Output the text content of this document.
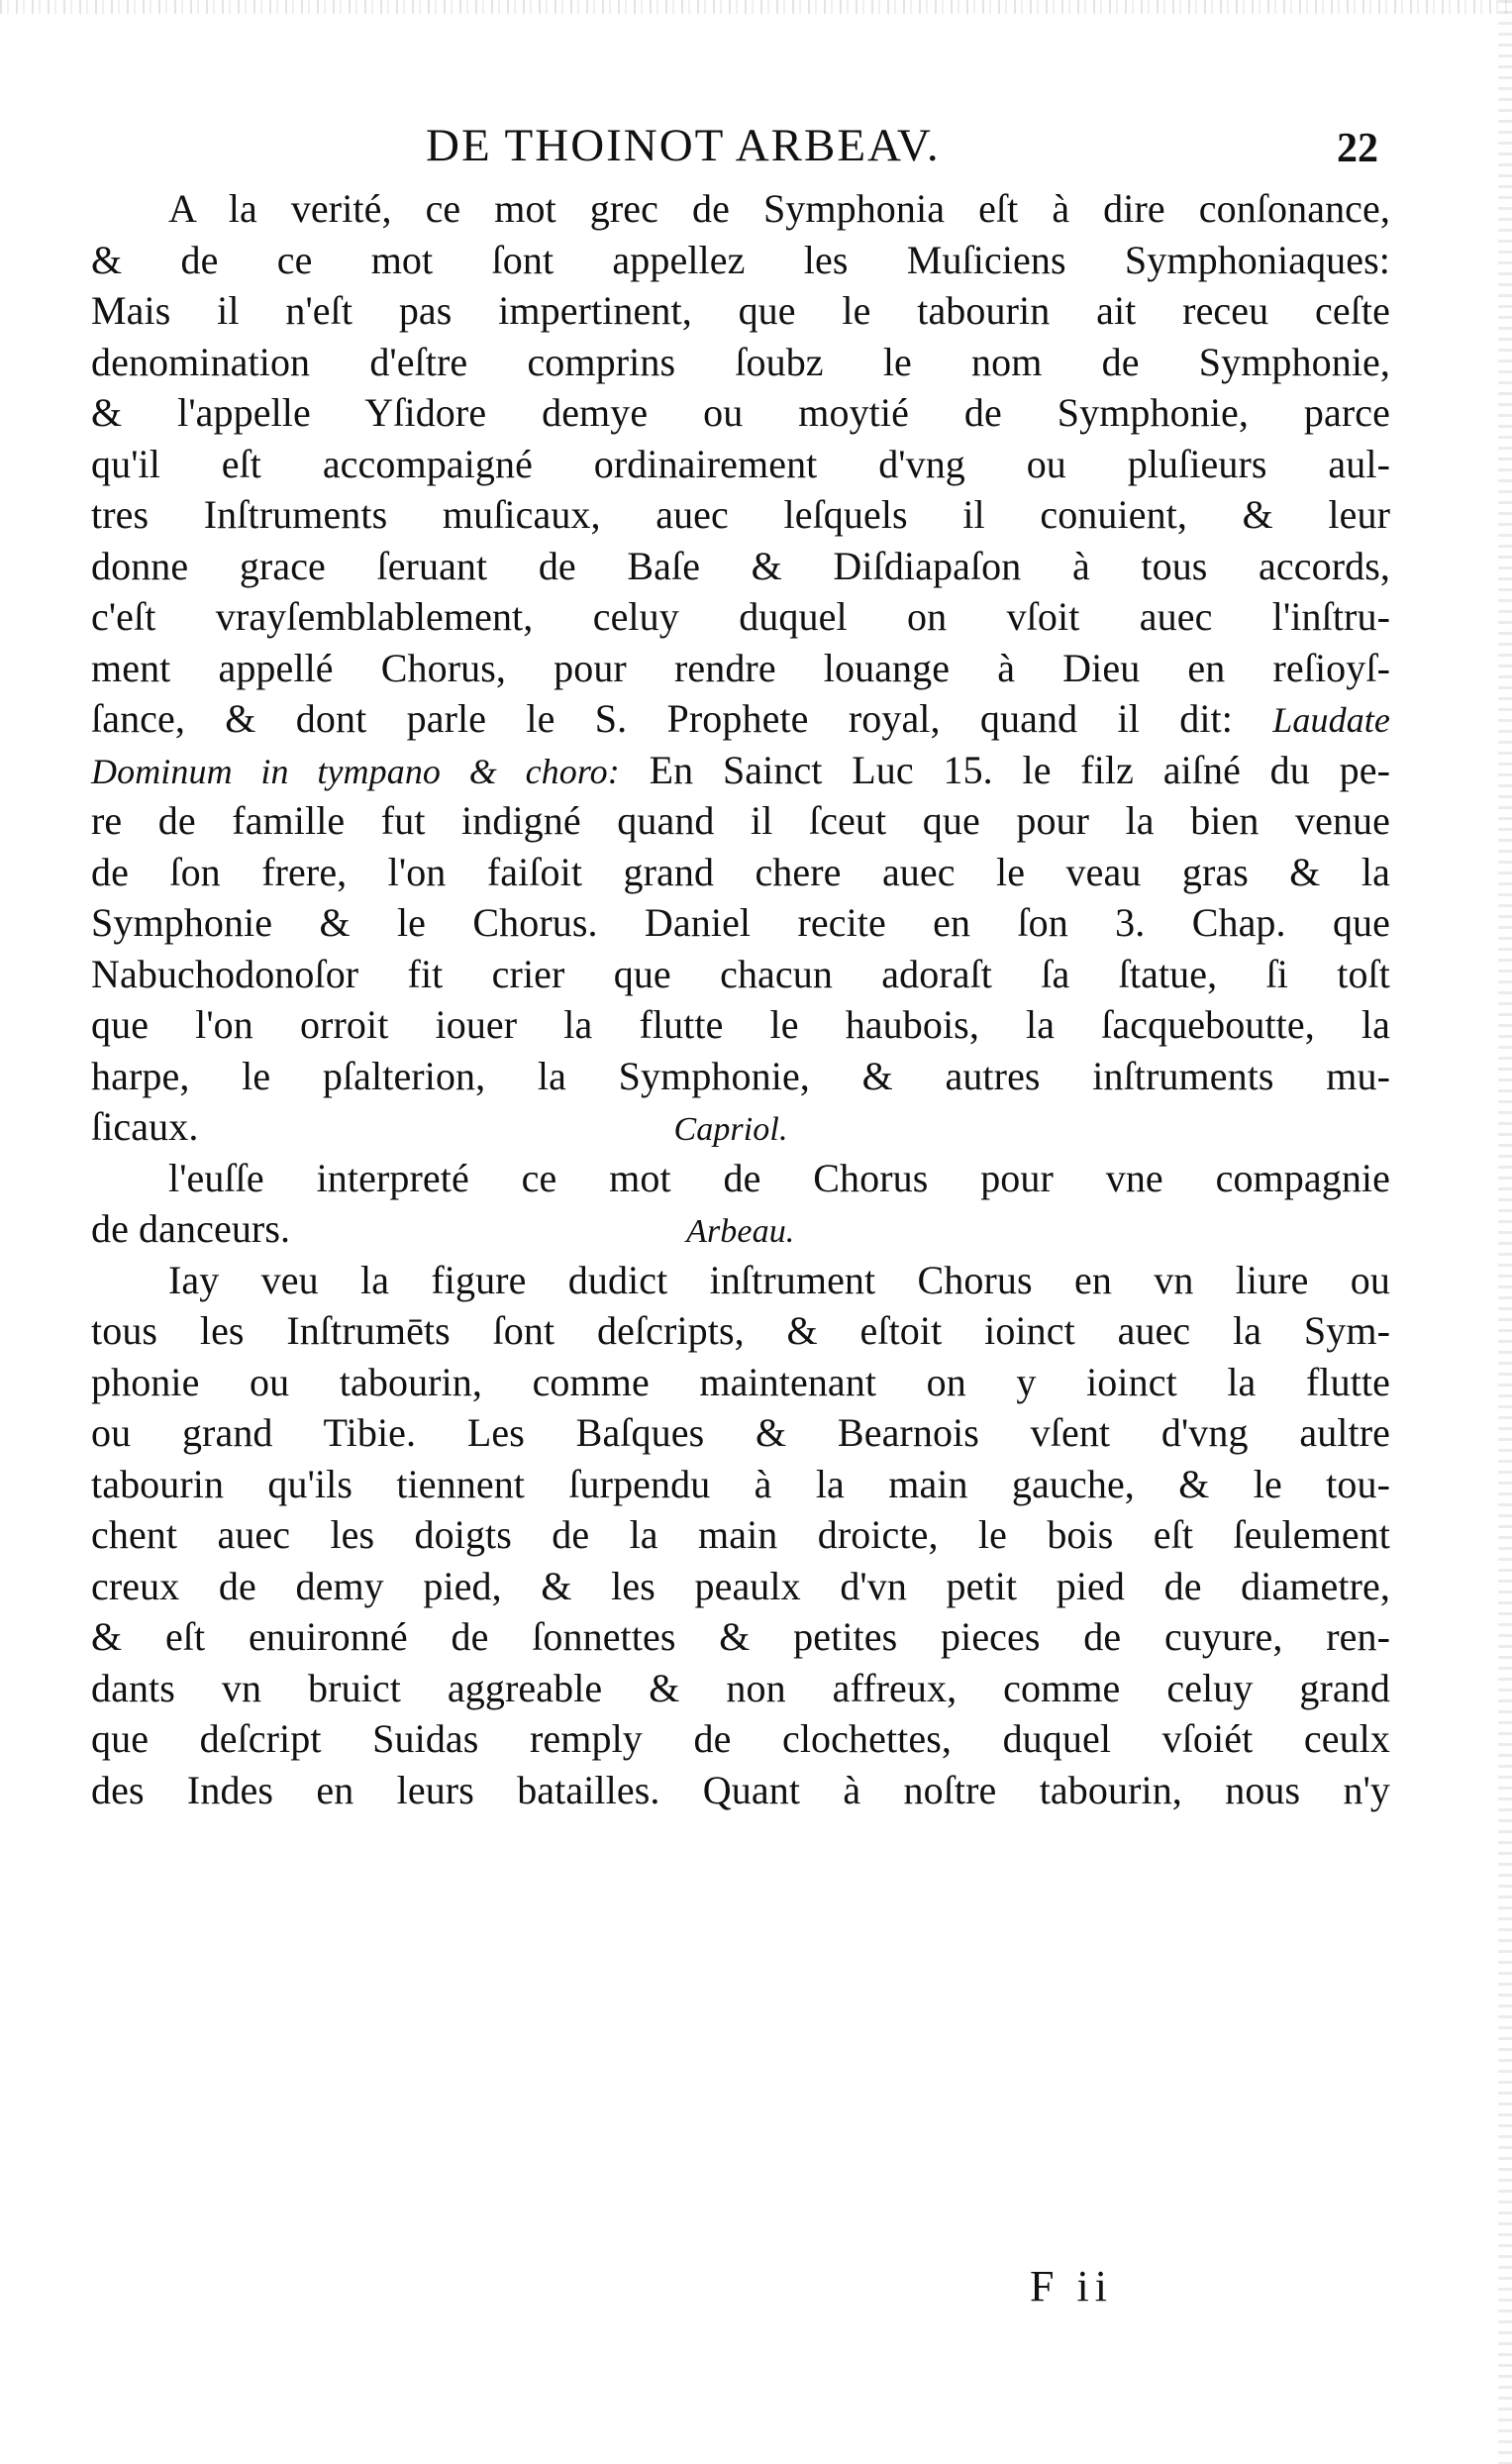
DE THOINOT ARBEAV.	22
A la verité, ce mot grec de Symphonia eſt à dire conſonance,
& de ce mot ſont appellez les Muſiciens Symphoniaques:
Mais il n'eſt pas impertinent, que le tabourin ait receu ceſte
denomination d'eſtre comprins ſoubz le nom de Symphonie,
& l'appelle Yſidore demye ou moytié de Symphonie, parce
qu'il eſt accompaigné ordinairement d'vng ou pluſieurs aul-
tres Inſtruments muſicaux, auec leſquels il conuient, & leur
donne grace ſeruant de Baſe & Diſdiapaſon à tous accords,
c'eſt vrayſemblablement, celuy duquel on vſoit auec l'inſtru-
ment appellé Chorus, pour rendre louange à Dieu en reſioyſ-
ſance, & dont parle le S. Prophete royal, quand il dit: Laudate
Dominum in tympano & choro: En Sainct Luc 15. le filz aiſné du pe-
re de famille fut indigné quand il ſceut que pour la bien venue
de ſon frere, l'on faiſoit grand chere auec le veau gras & la
Symphonie & le Chorus. Daniel recite en ſon 3. Chap. que
Nabuchodonoſor fit crier que chacun adoraſt ſa ſtatue, ſi toſt
que l'on orroit iouer la flutte le haubois, la ſacqueboutte, la
harpe, le pſalterion, la Symphonie, & autres inſtruments mu-
ſicaux.	Capriol.
l'euſſe interpreté ce mot de Chorus pour vne compagnie
de danceurs.	Arbeau.
Iay veu la figure dudict inſtrument Chorus en vn liure ou
tous les Inſtrumēts ſont deſcripts, & eſtoit ioinct auec la Sym-
phonie ou tabourin, comme maintenant on y ioinct la flutte
ou grand Tibie. Les Baſques & Bearnois vſent d'vng aultre
tabourin qu'ils tiennent ſurpendu à la main gauche, & le tou-
chent auec les doigts de la main droicte, le bois eſt ſeulement
creux de demy pied, & les peaulx d'vn petit pied de diametre,
& eſt enuironné de ſonnettes & petites pieces de cuyure, ren-
dants vn bruict aggreable & non affreux, comme celuy grand
que deſcript Suidas remply de clochettes, duquel vſoiét ceulx
des Indes en leurs batailles. Quant à noſtre tabourin, nous n'y
F ii
